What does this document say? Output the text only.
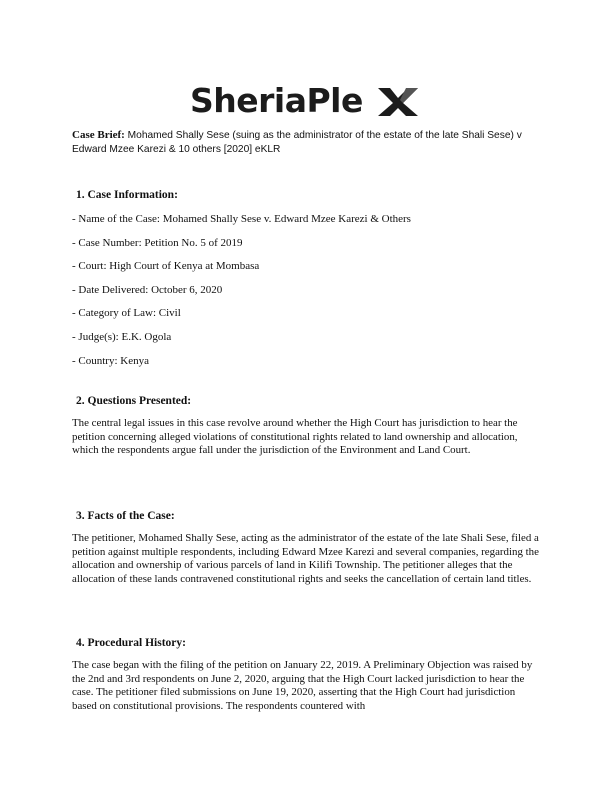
SheriaPle
Case Brief: Mohamed Shally Sese (suing as the administrator of the estate of the late Shali Sese) v Edward Mzee Karezi & 10 others [2020] eKLR

1. Case Information:

- Name of the Case: Mohamed Shally Sese v. Edward Mzee Karezi & Others

- Case Number: Petition No. 5 of 2019

- Court: High Court of Kenya at Mombasa

- Date Delivered: October 6, 2020

- Category of Law: Civil

- Judge(s): E.K. Ogola

- Country: Kenya

2. Questions Presented:

The central legal issues in this case revolve around whether the High Court has jurisdiction to hear the petition concerning alleged violations of constitutional rights related to land ownership and allocation, which the respondents argue fall under the jurisdiction of the Environment and Land Court.

3. Facts of the Case:

The petitioner, Mohamed Shally Sese, acting as the administrator of the estate of the late Shali Sese, filed a petition against multiple respondents, including Edward Mzee Karezi and several companies, regarding the allocation and ownership of various parcels of land in Kilifi Township. The petitioner alleges that the allocation of these lands contravened constitutional rights and seeks the cancellation of certain land titles.

4. Procedural History:

The case began with the filing of the petition on January 22, 2019. A Preliminary Objection was raised by the 2nd and 3rd respondents on June 2, 2020, arguing that the High Court lacked jurisdiction to hear the case. The petitioner filed submissions on June 19, 2020, asserting that the High Court had jurisdiction based on constitutional provisions. The respondents countered with
